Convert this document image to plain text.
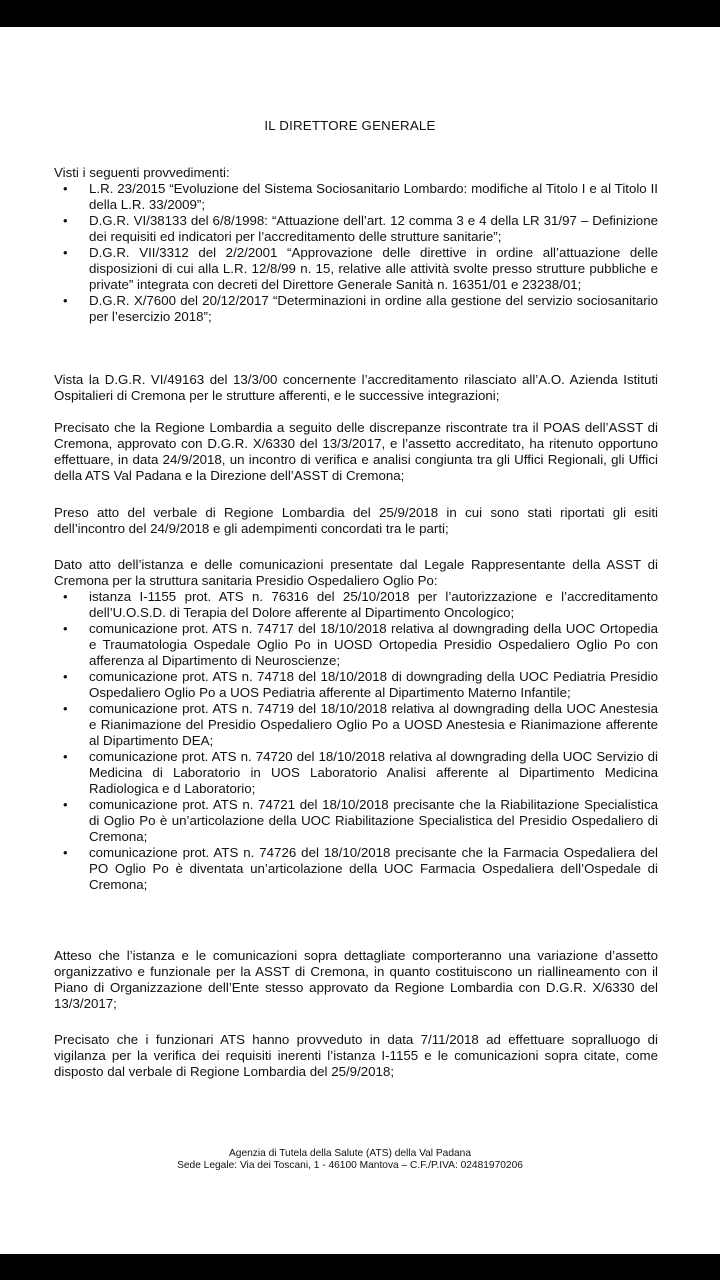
IL DIRETTORE GENERALE

Visti i seguenti provvedimenti:

• L.R. 23/2015 “Evoluzione del Sistema Sociosanitario Lombardo: modifiche al Titolo I e al Titolo II della L.R. 33/2009”;
• D.G.R. VI/38133 del 6/8/1998: “Attuazione dell’art. 12 comma 3 e 4 della LR 31/97 – Definizione dei requisiti ed indicatori per l’accreditamento delle strutture sanitarie”;
• D.G.R. VII/3312 del 2/2/2001 “Approvazione delle direttive in ordine all’attuazione delle disposizioni di cui alla L.R. 12/8/99 n. 15, relative alle attività svolte presso strutture pubbliche e private” integrata con decreti del Direttore Generale Sanità n. 16351/01 e 23238/01;
• D.G.R. X/7600 del 20/12/2017 “Determinazioni in ordine alla gestione del servizio sociosanitario per l’esercizio 2018”;

Vista la D.G.R. VI/49163 del 13/3/00 concernente l’accreditamento rilasciato all’A.O. Azienda Istituti Ospitalieri di Cremona per le strutture afferenti, e le successive integrazioni;

Precisato che la Regione Lombardia a seguito delle discrepanze riscontrate tra il POAS dell’ASST di Cremona, approvato con D.G.R. X/6330 del 13/3/2017, e l’assetto accreditato, ha ritenuto opportuno effettuare, in data 24/9/2018, un incontro di verifica e analisi congiunta tra gli Uffici Regionali, gli Uffici della ATS Val Padana e la Direzione dell’ASST di Cremona;

Preso atto del verbale di Regione Lombardia del 25/9/2018 in cui sono stati riportati gli esiti dell’incontro del 24/9/2018 e gli adempimenti concordati tra le parti;

Dato atto dell’istanza e delle comunicazioni presentate dal Legale Rappresentante della ASST di Cremona per la struttura sanitaria Presidio Ospedaliero Oglio Po:

• istanza I-1155 prot. ATS n. 76316 del 25/10/2018 per l’autorizzazione e l’accreditamento dell’U.O.S.D. di Terapia del Dolore afferente al Dipartimento Oncologico;
• comunicazione prot. ATS n. 74717 del 18/10/2018 relativa al downgrading della UOC Ortopedia e Traumatologia Ospedale Oglio Po in UOSD Ortopedia Presidio Ospedaliero Oglio Po con afferenza al Dipartimento di Neuroscienze;
• comunicazione prot. ATS n. 74718 del 18/10/2018 di downgrading della UOC Pediatria Presidio Ospedaliero Oglio Po a UOS Pediatria afferente al Dipartimento Materno Infantile;
• comunicazione prot. ATS n. 74719 del 18/10/2018 relativa al downgrading della UOC Anestesia e Rianimazione del Presidio Ospedaliero Oglio Po a UOSD Anestesia e Rianimazione afferente al Dipartimento DEA;
• comunicazione prot. ATS n. 74720 del 18/10/2018 relativa al downgrading della UOC Servizio di Medicina di Laboratorio in UOS Laboratorio Analisi afferente al Dipartimento Medicina Radiologica e d Laboratorio;
• comunicazione prot. ATS n. 74721 del 18/10/2018 precisante che la Riabilitazione Specialistica di Oglio Po è un’articolazione della UOC Riabilitazione Specialistica del Presidio Ospedaliero di Cremona;
• comunicazione prot. ATS n. 74726 del 18/10/2018 precisante che la Farmacia Ospedaliera del PO Oglio Po è diventata un’articolazione della UOC Farmacia Ospedaliera dell’Ospedale di Cremona;

Atteso che l’istanza e le comunicazioni sopra dettagliate comporteranno una variazione d’assetto organizzativo e funzionale per la ASST di Cremona, in quanto costituiscono un riallineamento con il Piano di Organizzazione dell’Ente stesso approvato da Regione Lombardia con D.G.R. X/6330 del 13/3/2017;

Precisato che i funzionari ATS hanno provveduto in data 7/11/2018 ad effettuare sopralluogo di vigilanza per la verifica dei requisiti inerenti l’istanza I-1155 e le comunicazioni sopra citate, come disposto dal verbale di Regione Lombardia del 25/9/2018;

Agenzia di Tutela della Salute (ATS) della Val Padana
Sede Legale: Via dei Toscani, 1 - 46100 Mantova – C.F./P.IVA: 02481970206
